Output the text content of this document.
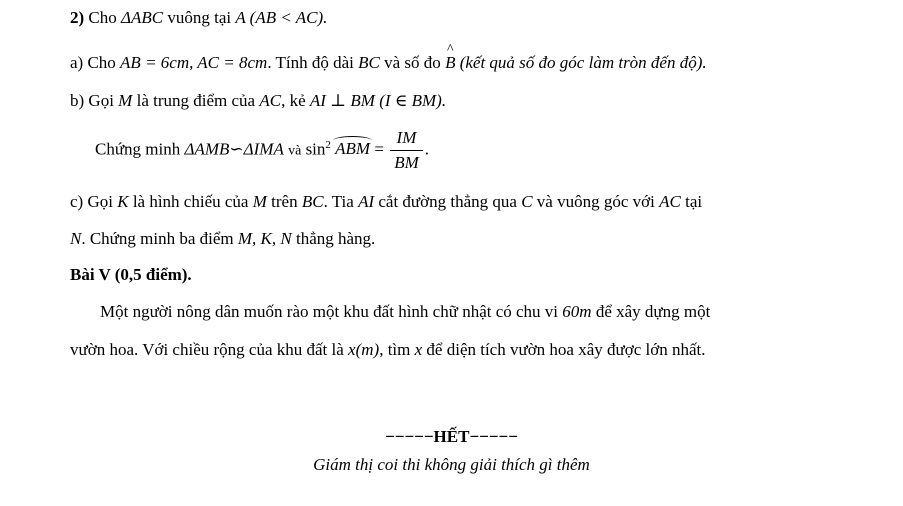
2) Cho ΔABC vuông tại A (AB < AC).
a) Cho AB = 6cm, AC = 8cm. Tính độ dài BC và số đo ^ B (kết quả số đo góc làm tròn đến độ).
b) Gọi M là trung điểm của AC, kẻ AI ⊥ BM (I ∈ BM).
Chứng minh ΔAMB∽ΔIMA và $\sin^2$ ABM = $\frac{IM}{BM}$ .
c) Gọi K là hình chiếu của M trên BC. Tia AI cắt đường thẳng qua C và vuông góc với AC tại
N. Chứng minh ba điểm M, K, N thẳng hàng.
Bài V (0,5 điểm).
Một người nông dân muốn rào một khu đất hình chữ nhật có chu vi 60m để xây dựng một
vườn hoa. Với chiều rộng của khu đất là x(m), tìm x để diện tích vườn hoa xây được lớn nhất.
−−−−−HẾT−−−−−
Giám thị coi thi không giải thích gì thêm
